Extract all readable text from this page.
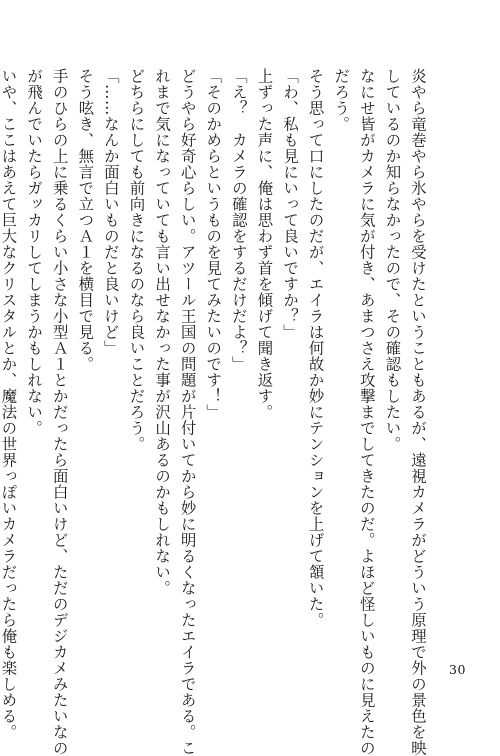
炎やら竜巻やら氷やらを受けたということもあるが、遠視カメラがどういう原理で外の景色を映
しているのか知らなかったので、その確認もしたい。
なにせ皆がカメラに気が付き、あまつさえ攻撃までしてきたのだ。よほど怪しいものに見えたの
だろう。
そう思って口にしたのだが、エイラは何故か妙にテンションを上げて頷いた。
「わ、私も見にいって良いですか？」
上ずった声に、俺は思わず首を傾げて聞き返す。
「え？　カメラの確認をするだけだよ？」
「そのかめらというものを見てみたいのです！」
どうやら好奇心らしい。アツール王国の問題が片付いてから妙に明るくなったエイラである。こ
れまで気になっていても言い出せなかった事が沢山あるのかもしれない。
どちらにしても前向きになるのなら良いことだろう。
「……なんか面白いものだと良いけど」
そう呟き、無言で立つＡ１を横目で見る。
手のひらの上に乗るくらい小さな小型Ａ１とかだったら面白いけど、ただのデジカメみたいなの
が飛んでいたらガッカリしてしまうかもしれない。
いや、ここはあえて巨大なクリスタルとか、魔法の世界っぽいカメラだったら俺も楽しめる。	30
